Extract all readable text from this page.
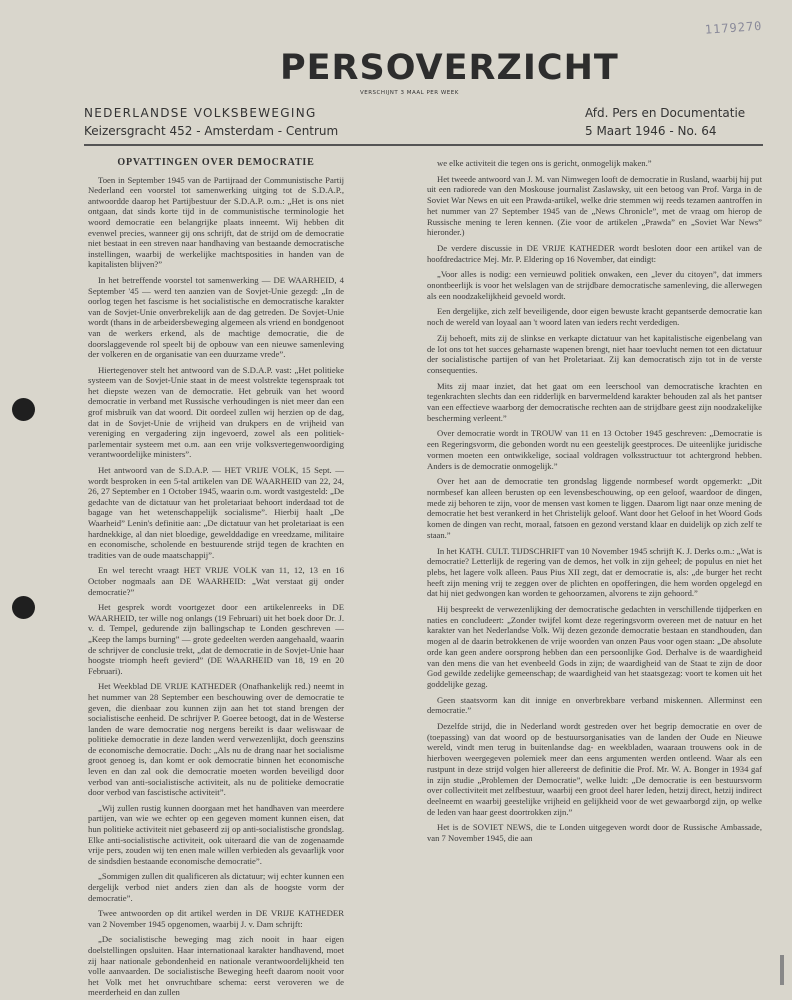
1179270
PERSOVERZICHT
VERSCHIJNT 3 MAAL PER WEEK
NEDERLANDSE VOLKSBEWEGING
Keizersgracht 452 - Amsterdam - Centrum
Afd. Pers en Documentatie
5 Maart 1946 - No. 64
OPVATTINGEN OVER DEMOCRATIE

Toen in September 1945 van de Partijraad der Communistische Partij Nederland een voorstel tot samenwerking uitging tot de S.D.A.P., antwoordde daarop het Partijbestuur der S.D.A.P. o.m.: „Het is ons niet ontgaan, dat sinds korte tijd in de communistische terminologie het woord democratie een belangrijke plaats inneemt. Wij hebben dit evenwel precies, wanneer gij ons schrijft, dat de strijd om de democratie niet bestaat in een streven naar handhaving van bestaande democratische instellingen, waarbij de werkelijke machtsposities in handen van de kapitalisten blijven?”

In het betreffende voorstel tot samenwerking — DE WAARHEID, 4 September '45 — werd ten aanzien van de Sovjet-Unie gezegd: „In de oorlog tegen het fascisme is het socialistische en democratische karakter van de Sovjet-Unie onverbrekelijk aan de dag getreden. De Sovjet-Unie wordt (thans in de arbeidersbeweging algemeen als vriend en bondgenoot van de werkers erkend, als de machtige democratie, die de doorslaggevende rol speelt bij de opbouw van een nieuwe samenleving der volkeren en de organisatie van een duurzame vrede”.

Hiertegenover stelt het antwoord van de S.D.A.P. vast: „Het politieke systeem van de Sovjet-Unie staat in de meest volstrekte tegenspraak tot het diepste wezen van de democratie. Het gebruik van het woord democratie in verband met Russische verhoudingen is niet meer dan een grof misbruik van dat woord. Dit oordeel zullen wij herzien op de dag, dat in de Sovjet-Unie de vrijheid van drukpers en de vrijheid van vereniging en vergadering zijn ingevoerd, zowel als een politiek-parlementair systeem met o.m. aan een vrije volksvertegenwoordiging verantwoordelijke ministers”.

Het antwoord van de S.D.A.P. — HET VRIJE VOLK, 15 Sept. — wordt besproken in een 5-tal artikelen van DE WAARHEID van 22, 24, 26, 27 September en 1 October 1945, waarin o.m. wordt vastgesteld: „De gedachte van de dictatuur van het proletariaat behoort inderdaad tot de bagage van het wetenschappelijk socialisme”. Hierbij haalt „De Waarheid” Lenin's definitie aan: „De dictatuur van het proletariaat is een hardnekkige, al dan niet bloedige, gewelddadige en vreedzame, militaire en economische, scholende en bestuurende strijd tegen de krachten en tradities van de oude maatschappij”.

En wel terecht vraagt HET VRIJE VOLK van 11, 12, 13 en 16 October nogmaals aan DE WAARHEID: „Wat verstaat gij onder democratie?”

Het gesprek wordt voortgezet door een artikelenreeks in DE WAARHEID, ter wille nog onlangs (19 Februari) uit het boek door Dr. J. v. d. Tempel, gedurende zijn ballingschap te Londen geschreven — „Keep the lamps burning” — grote gedeelten werden aangehaald, waarin de schrijver de conclusie trekt, „dat de democratie in de Sovjet-Unie haar hoogste triomph heeft gevierd” (DE WAARHEID van 18, 19 en 20 Februari).

Het Weekblad DE VRIJE KATHEDER (Onafhankelijk red.) neemt in het nummer van 28 September een beschouwing over de democratie te geven, die dienbaar zou kunnen zijn aan het tot stand brengen der socialistische eenheid. De schrijver P. Goeree betoogt, dat in de Westerse landen de ware democratie nog nergens bereikt is daar weliswaar de politieke democratie in deze landen werd verwezenlijkt, doch geenszins de economische democratie. Doch: „Als nu de drang naar het socialisme groot genoeg is, dan komt er ook democratie binnen het economische leven en dan zal ook die democratie moeten worden beveiligd door verbod van anti-socialistische activiteit, als nu de politieke democratie door verbod van fascistische activiteit”.

„Wij zullen rustig kunnen doorgaan met het handhaven van meerdere partijen, van wie we echter op een gegeven moment kunnen eisen, dat hun politieke activiteit niet gebaseerd zij op anti-socialistische grondslag. Elke anti-socialistische activiteit, ook uiteraard die van de zogenaamde vrije pers, zouden wij ten enen male willen verbieden als gevaarlijk voor de sindsdien bestaande economische democratie”.

„Sommigen zullen dit qualificeren als dictatuur; wij echter kunnen een dergelijk verbod niet anders zien dan als de hoogste vorm der democratie”.

Twee antwoorden op dit artikel werden in DE VRIJE KATHEDER van 2 November 1945 opgenomen, waarbij J. v. Dam schrijft:

„De socialistische beweging mag zich nooit in haar eigen doelstellingen opsluiten. Haar internationaal karakter handhavend, moet zij haar nationale gebondenheid en nationale verantwoordelijkheid ten volle aanvaarden. De socialistische Beweging heeft daarom nooit voor het Volk met het onvruchtbare schema: eerst veroveren we de meerderheid en dan zullen

we elke activiteit die tegen ons is gericht, onmogelijk maken.”

Het tweede antwoord van J. M. van Nimwegen looft de democratie in Rusland, waarbij hij put uit een radiorede van den Moskouse journalist Zaslawsky, uit een betoog van Prof. Varga in de Soviet War News en uit een Prawda-artikel, welke drie stemmen wij reeds tezamen aantroffen in het nummer van 27 September 1945 van de „News Chronicle”, met de vraag om hierop de Russische mening te leren kennen. (Zie voor de artikelen „Prawda” en „Soviet War News” hieronder.)

De verdere discussie in DE VRIJE KATHEDER wordt besloten door een artikel van de hoofdredactrice Mej. Mr. P. Eldering op 16 November, dat eindigt:

„Voor alles is nodig: een vernieuwd politiek onwaken, een „lever du citoyen”, dat immers onontbeerlijk is voor het welslagen van de strijdbare democratische samenleving, die allerwegen als een noodzakelijkheid gevoeld wordt.

Een dergelijke, zich zelf beveiligende, door eigen bewuste kracht gepantserde democratie kan noch de wereld van loyaal aan 't woord laten van ieders recht verdedigen.

Zij behoeft, mits zij de slinkse en verkapte dictatuur van het kapitalistische eigenbelang van de lot ons tot het succes geharnaste wapenen brengt, niet haar toevlucht nemen tot een dictatuur der socialistische partijen of van het Proletariaat. Zij kan democratisch zijn tot in de verste consequenties.

Mits zij maar inziet, dat het gaat om een leerschool van democratische krachten en tegenkrachten slechts dan een ridderlijk en barvermeldend karakter behouden zal als het pantser van een effectieve waarborg der democratische rechten aan de strijdbare geest zijn noodzakelijke bescherming verleent.”

Over democratie wordt in TROUW van 11 en 13 October 1945 geschreven: „Democratie is een Regeringsvorm, die gebonden wordt nu een geestelijk geestproces. De uiteenlijke juridische vormen moeten een ontwikkelige, sociaal voldragen volksstructuur tot achtergrond hebben. Anders is de democratie onmogelijk.”

Over het aan de democratie ten grondslag liggende normbesef wordt opgemerkt: „Dit normbesef kan alleen berusten op een levensbeschouwing, op een geloof, waardoor de dingen, mede zij behoren te zijn, voor de mensen vast komen te liggen. Daarom ligt naar onze mening de democratie het best verankerd in het Christelijk geloof. Want door het Geloof in het Woord Gods komen de dingen van recht, moraal, fatsoen en gezond verstand klaar en duidelijk op zich zelf te staan.”

In het KATH. CULT. TIJDSCHRIFT van 10 November 1945 schrijft K. J. Derks o.m.: „Wat is democratie? Letterlijk de regering van de demos, het volk in zijn geheel; de populus en niet het plebs, het lagere volk alleen. Paus Pius XII zegt, dat er democratie is, als: „de burger het recht heeft zijn mening vrij te zeggen over de plichten en opofferingen, die hem worden opgelegd en dat hij niet gedwongen kan worden te gehoorzamen, alvorens te zijn gehoord.”

Hij bespreekt de verwezenlijking der democratische gedachten in verschillende tijdperken en naties en concludeert: „Zonder twijfel komt deze regeringsvorm overeen met de natuur en het karakter van het Nederlandse Volk. Wij dezen gezonde democratie bestaan en standhouden, dan mogen al de daarin betrokkenen de vrije woorden van onzen Paus voor ogen staan: „De absolute orde kan geen andere oorsprong hebben dan een persoonlijke God. Derhalve is de waardigheid van den mens die van het evenbeeld Gods in zijn; de waardigheid van de Staat te zijn de door God gewilde zedelijke gemeenschap; de waardigheid van het staatsgezag: voort te komen uit het goddelijke gezag.

Geen staatsvorm kan dit innige en onverbrekbare verband miskennen. Allerminst een democratie.”

Dezelfde strijd, die in Nederland wordt gestreden over het begrip democratie en over de (toepassing) van dat woord op de bestuursorganisaties van de landen der Oude en Nieuwe wereld, vindt men terug in buitenlandse dag- en weekbladen, waaraan trouwens ook in de hierboven weergegeven polemiek meer dan eens argumenten werden ontleend. Waar als een rustpunt in deze strijd volgen hier allereerst de definitie die Prof. Mr. W. A. Bonger in 1934 gaf in zijn studie „Problemen der Democratie”, welke luidt: „De democratie is een bestuursvorm over collectiviteit met zelfbestuur, waarbij een groot deel harer leden, hetzij direct, hetzij indirect deelneemt en waarbij geestelijke vrijheid en gelijkheid voor de wet gewaarborgd zijn, op welke de leden van haar geest doortrokken zijn.”

Het is de SOVIET NEWS, die te Londen uitgegeven wordt door de Russische Ambassade, van 7 November 1945, die aan
